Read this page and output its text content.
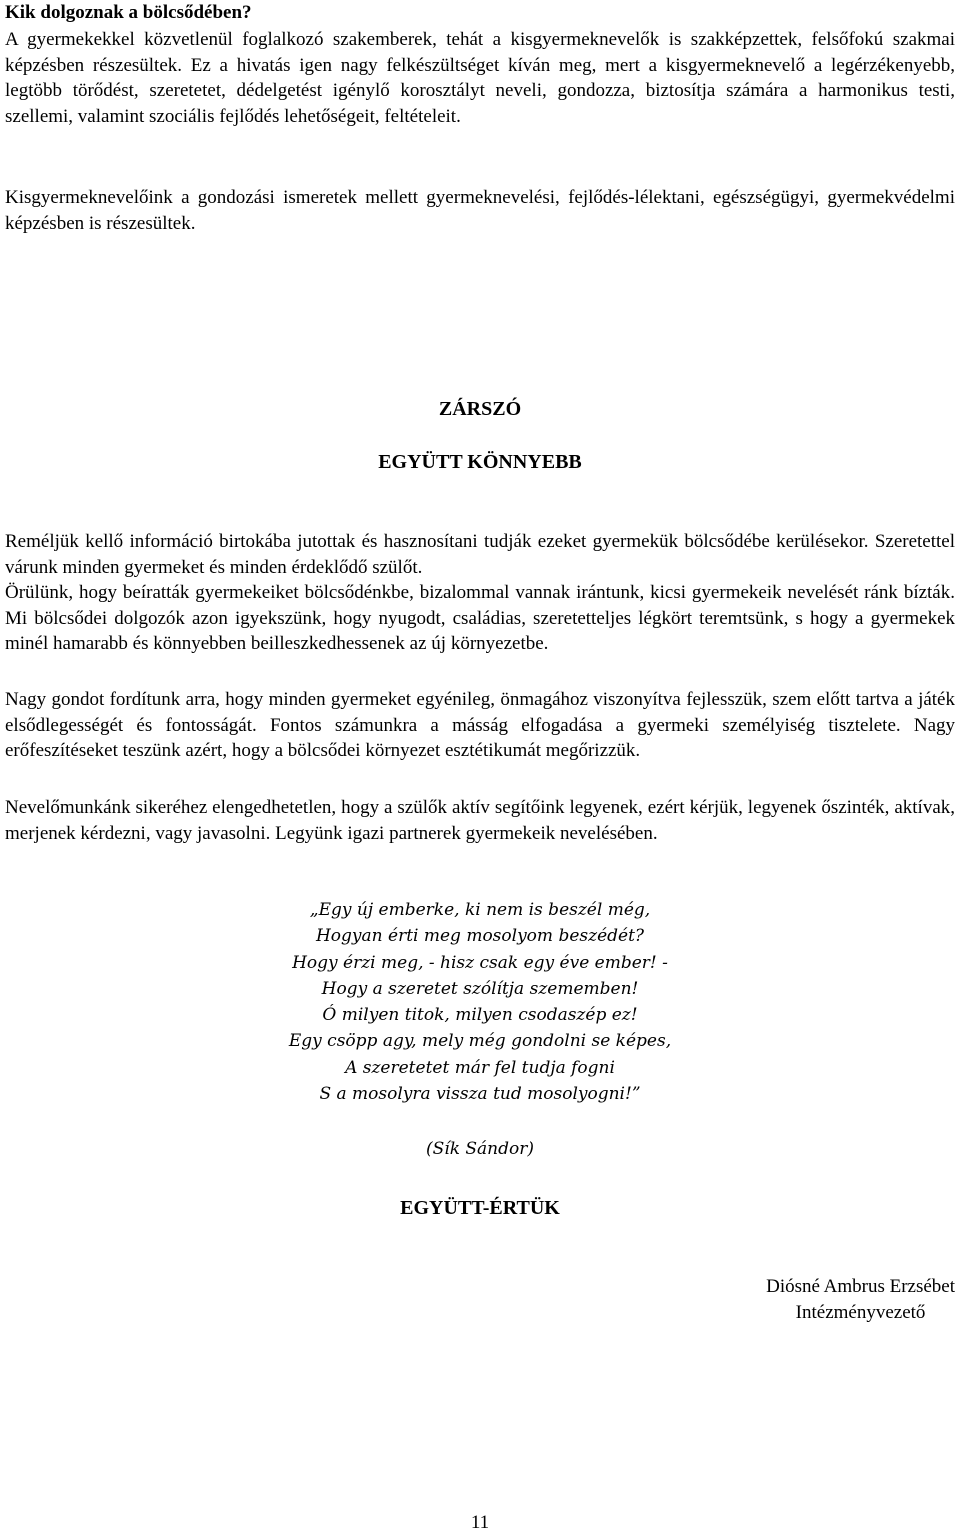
Kik dolgoznak a bölcsődében?

A gyermekekkel közvetlenül foglalkozó szakemberek, tehát a kisgyermeknevelők is szakképzettek, felsőfokú szakmai képzésben részesültek. Ez a hivatás igen nagy felkészültséget kíván meg, mert a kisgyermeknevelő a legérzékenyebb, legtöbb törődést, szeretetet, dédelgetést igénylő korosztályt neveli, gondozza, biztosítja számára a harmonikus testi, szellemi, valamint szociális fejlődés lehetőségeit, feltételeit.

Kisgyermeknevelőink a gondozási ismeretek mellett gyermeknevelési, fejlődés-lélektani, egészségügyi, gyermekvédelmi képzésben is részesültek.

ZÁRSZÓ
EGYÜTT KÖNNYEBB

Reméljük kellő információ birtokába jutottak és hasznosítani tudják ezeket gyermekük bölcsődébe kerülésekor. Szeretettel várunk minden gyermeket és minden érdeklődő szülőt.

Örülünk, hogy beíratták gyermekeiket bölcsődénkbe, bizalommal vannak irántunk, kicsi gyermekeik nevelését ránk bízták. Mi bölcsődei dolgozók azon igyekszünk, hogy nyugodt, családias, szeretetteljes légkört teremtsünk, s hogy a gyermekek minél hamarabb és könnyebben beilleszkedhessenek az új környezetbe.

Nagy gondot fordítunk arra, hogy minden gyermeket egyénileg, önmagához viszonyítva fejlesszük, szem előtt tartva a játék elsődlegességét és fontosságát. Fontos számunkra a másság elfogadása a gyermeki személyiség tisztelete. Nagy erőfeszítéseket teszünk azért, hogy a bölcsődei környezet esztétikumát megőrizzük.

Nevelőmunkánk sikeréhez elengedhetetlen, hogy a szülők aktív segítőink legyenek, ezért kérjük, legyenek őszinték, aktívak, merjenek kérdezni, vagy javasolni. Legyünk igazi partnerek gyermekeik nevelésében.

„Egy új emberke, ki nem is beszél még,
Hogyan érti meg mosolyom beszédét?
Hogy érzi meg, - hisz csak egy éve ember! -
Hogy a szeretet szólítja szememben!
Ó milyen titok, milyen csodaszép ez!
Egy csöpp agy, mely még gondolni se képes,
A szeretetet már fel tudja fogni
S a mosolyra vissza tud mosolyogni!”

(Sík Sándor)

EGYÜTT-ÉRTÜK
Diósné Ambrus Erzsébet
Intézményvezető
11
